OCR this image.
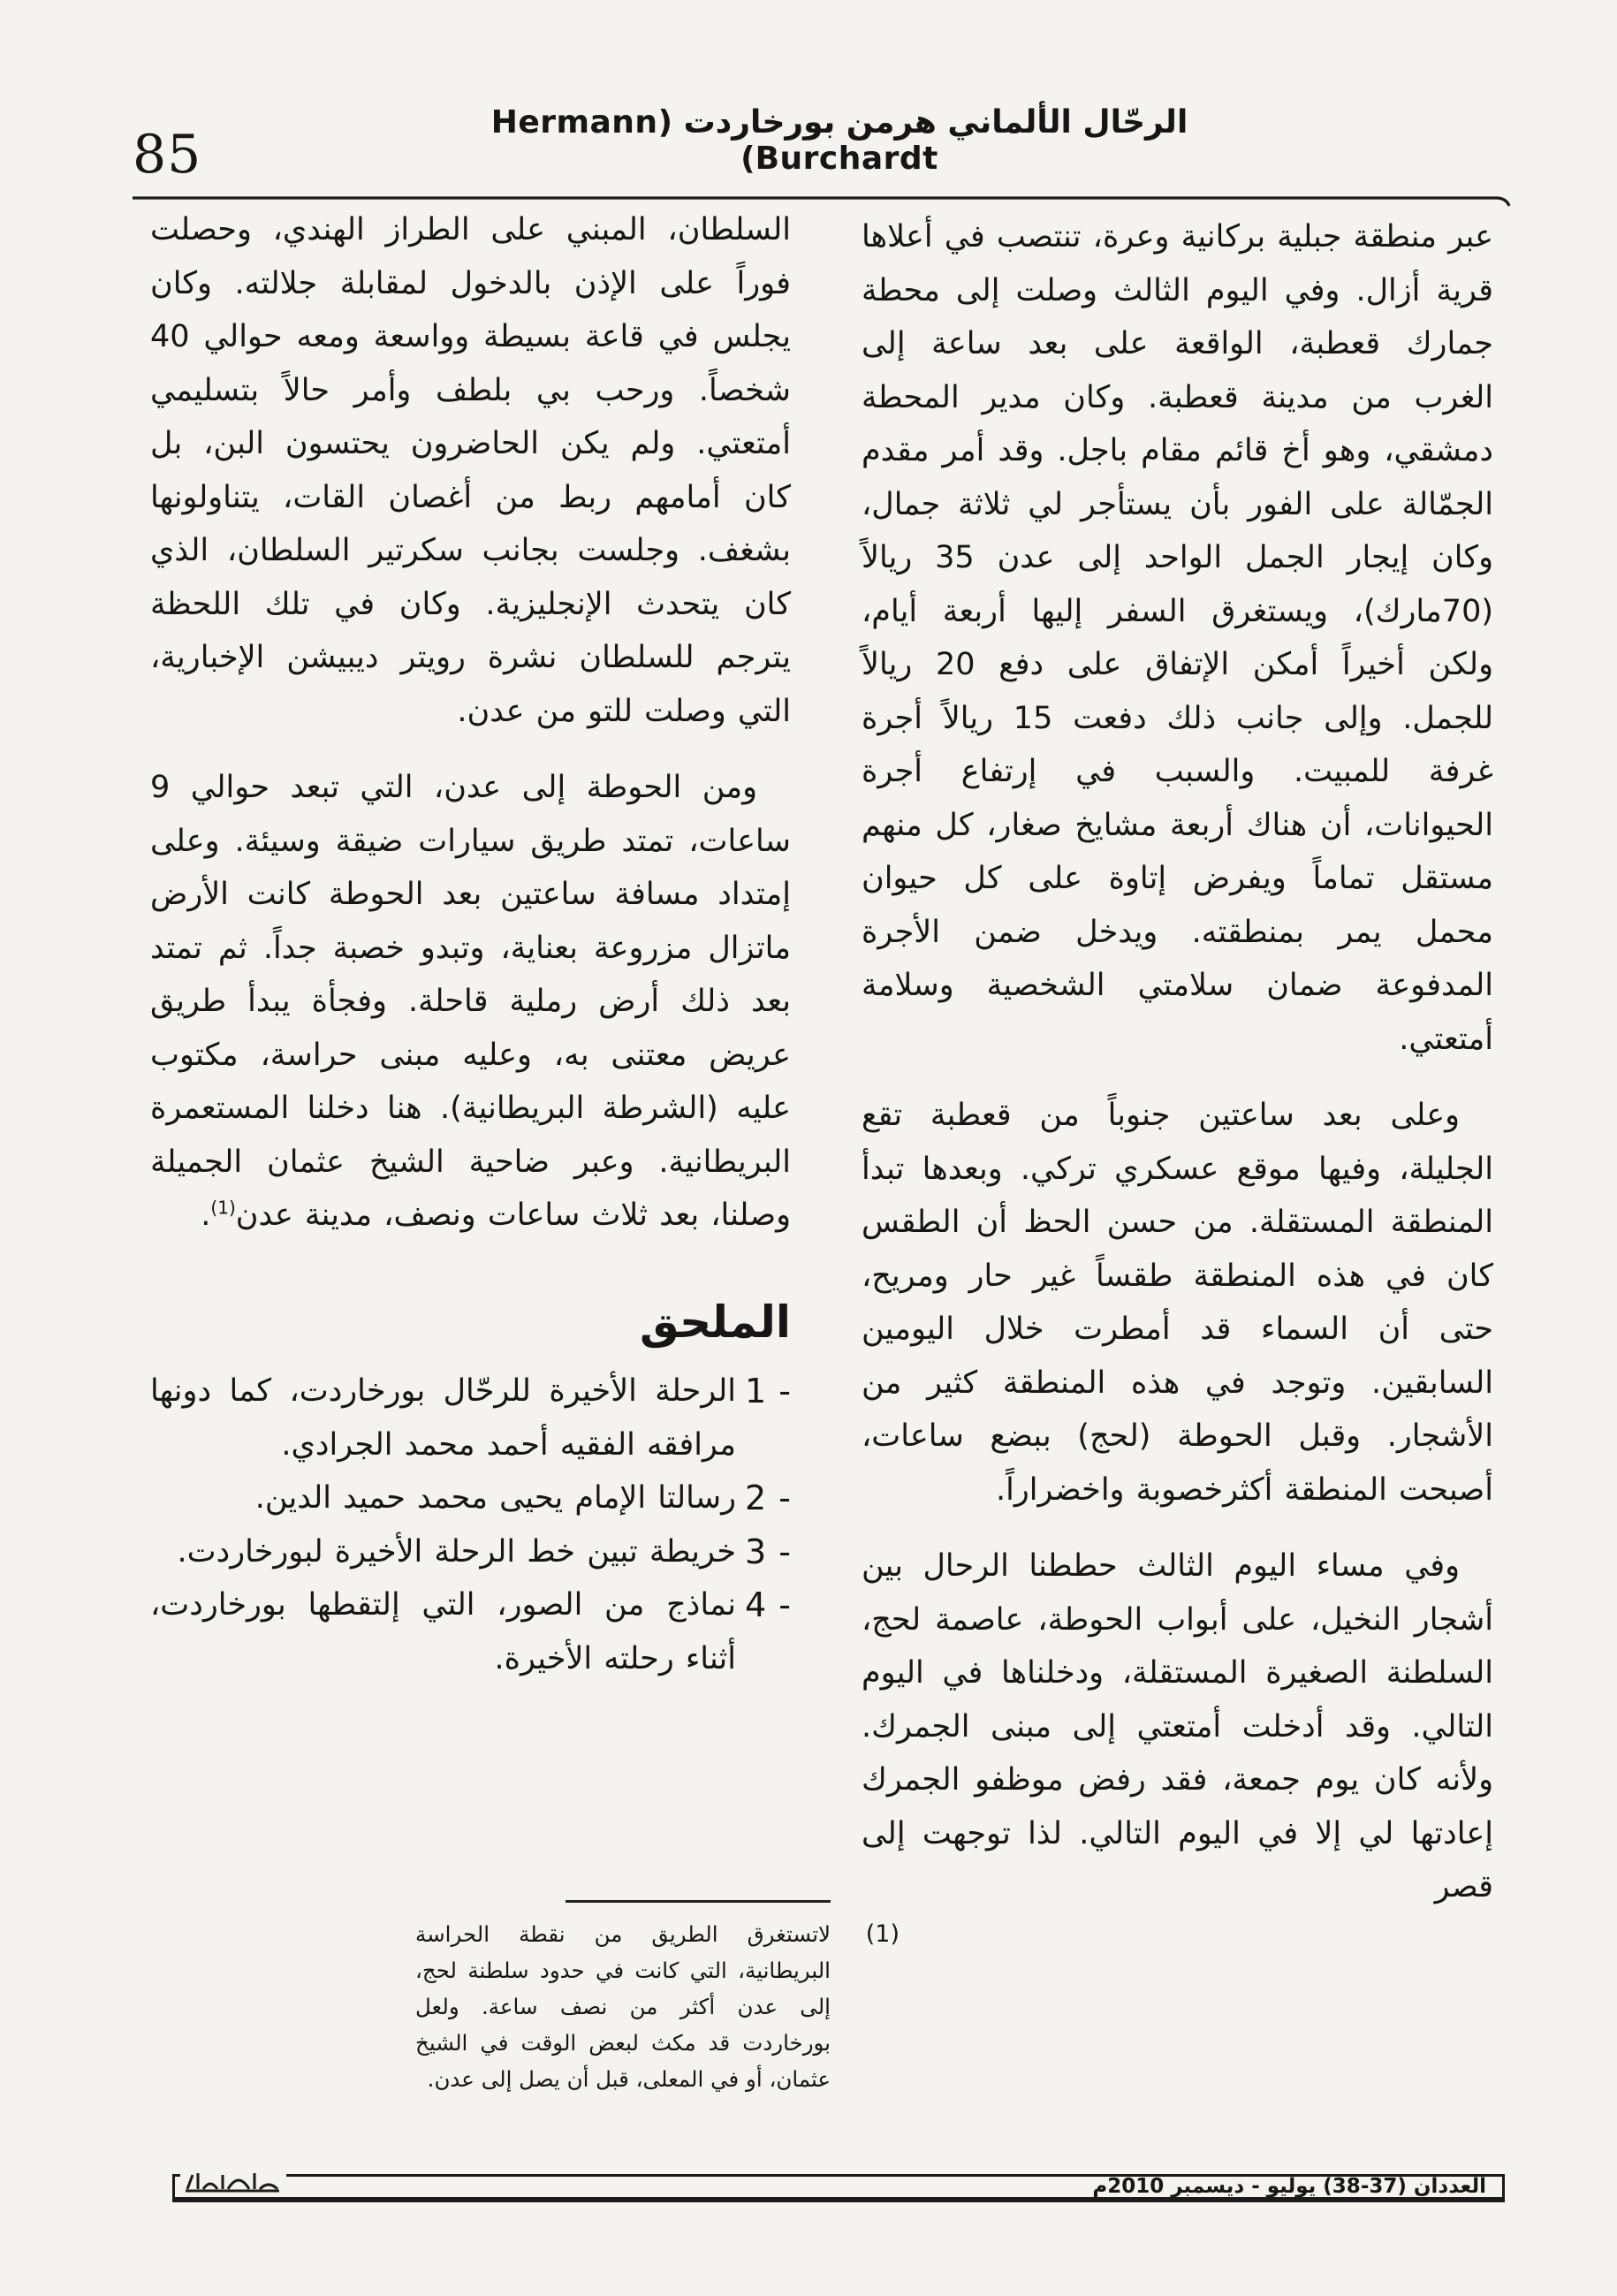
الرحّال الألماني هرمن بورخاردت (Hermann Burchardt)
85

عبر منطقة جبلية بركانية وعرة، تنتصب في أعلاها قرية أزال. وفي اليوم الثالث وصلت إلى محطة جمارك قعطبة، الواقعة على بعد ساعة إلى الغرب من مدينة قعطبة. وكان مدير المحطة دمشقي، وهو أخ قائم مقام باجل. وقد أمر مقدم الجمّالة على الفور بأن يستأجر لي ثلاثة جمال، وكان إيجار الجمل الواحد إلى عدن 35 ريالاً (70مارك)، ويستغرق السفر إليها أربعة أيام، ولكن أخيراً أمكن الإتفاق على دفع 20 ريالاً للجمل. وإلى جانب ذلك دفعت 15 ريالاً أجرة غرفة للمبيت. والسبب في إرتفاع أجرة الحيوانات، أن هناك أربعة مشايخ صغار، كل منهم مستقل تماماً ويفرض إتاوة على كل حيوان محمل يمر بمنطقته. ويدخل ضمن الأجرة المدفوعة ضمان سلامتي الشخصية وسلامة أمتعتي.

وعلى بعد ساعتين جنوباً من قعطبة تقع الجليلة، وفيها موقع عسكري تركي. وبعدها تبدأ المنطقة المستقلة. من حسن الحظ أن الطقس كان في هذه المنطقة طقساً غير حار ومريح، حتى أن السماء قد أمطرت خلال اليومين السابقين. وتوجد في هذه المنطقة كثير من الأشجار. وقبل الحوطة (لحج) ببضع ساعات، أصبحت المنطقة أكثرخصوبة واخضراراً.

وفي مساء اليوم الثالث حططنا الرحال بين أشجار النخيل، على أبواب الحوطة، عاصمة لحج، السلطنة الصغيرة المستقلة، ودخلناها في اليوم التالي. وقد أدخلت أمتعتي إلى مبنى الجمرك. ولأنه كان يوم جمعة، فقد رفض موظفو الجمرك إعادتها لي إلا في اليوم التالي. لذا توجهت إلى قصر

السلطان، المبني على الطراز الهندي، وحصلت فوراً على الإذن بالدخول لمقابلة جلالته. وكان يجلس في قاعة بسيطة وواسعة ومعه حوالي 40 شخصاً. ورحب بي بلطف وأمر حالاً بتسليمي أمتعتي. ولم يكن الحاضرون يحتسون البن، بل كان أمامهم ربط من أغصان القات، يتناولونها بشغف. وجلست بجانب سكرتير السلطان، الذي كان يتحدث الإنجليزية. وكان في تلك اللحظة يترجم للسلطان نشرة رويتر ديبيشن الإخبارية، التي وصلت للتو من عدن.

ومن الحوطة إلى عدن، التي تبعد حوالي 9 ساعات، تمتد طريق سيارات ضيقة وسيئة. وعلى إمتداد مسافة ساعتين بعد الحوطة كانت الأرض ماتزال مزروعة بعناية، وتبدو خصبة جداً. ثم تمتد بعد ذلك أرض رملية قاحلة. وفجأة يبدأ طريق عريض معتنى به، وعليه مبنى حراسة، مكتوب عليه (الشرطة البريطانية). هنا دخلنا المستعمرة البريطانية. وعبر ضاحية الشيخ عثمان الجميلة وصلنا، بعد ثلاث ساعات ونصف، مدينة عدن$^{(1)}$.

الملحق
1 -
الرحلة الأخيرة للرحّال بورخاردت، كما دونها مرافقه الفقيه أحمد محمد الجرادي.
2 -
رسالتا الإمام يحيى محمد حميد الدين.
3 -
خريطة تبين خط الرحلة الأخيرة لبورخاردت.
4 -
نماذج من الصور، التي إلتقطها بورخاردت، أثناء رحلته الأخيرة.
(1)
لاتستغرق الطريق من نقطة الحراسة البريطانية، التي كانت في حدود سلطنة لحج، إلى عدن أكثر من نصف ساعة. ولعل بورخاردت قد مكث لبعض الوقت في الشيخ عثمان، أو في المعلى، قبل أن يصل إلى عدن.
العددان (37-38) يوليو - ديسمبر 2010م
